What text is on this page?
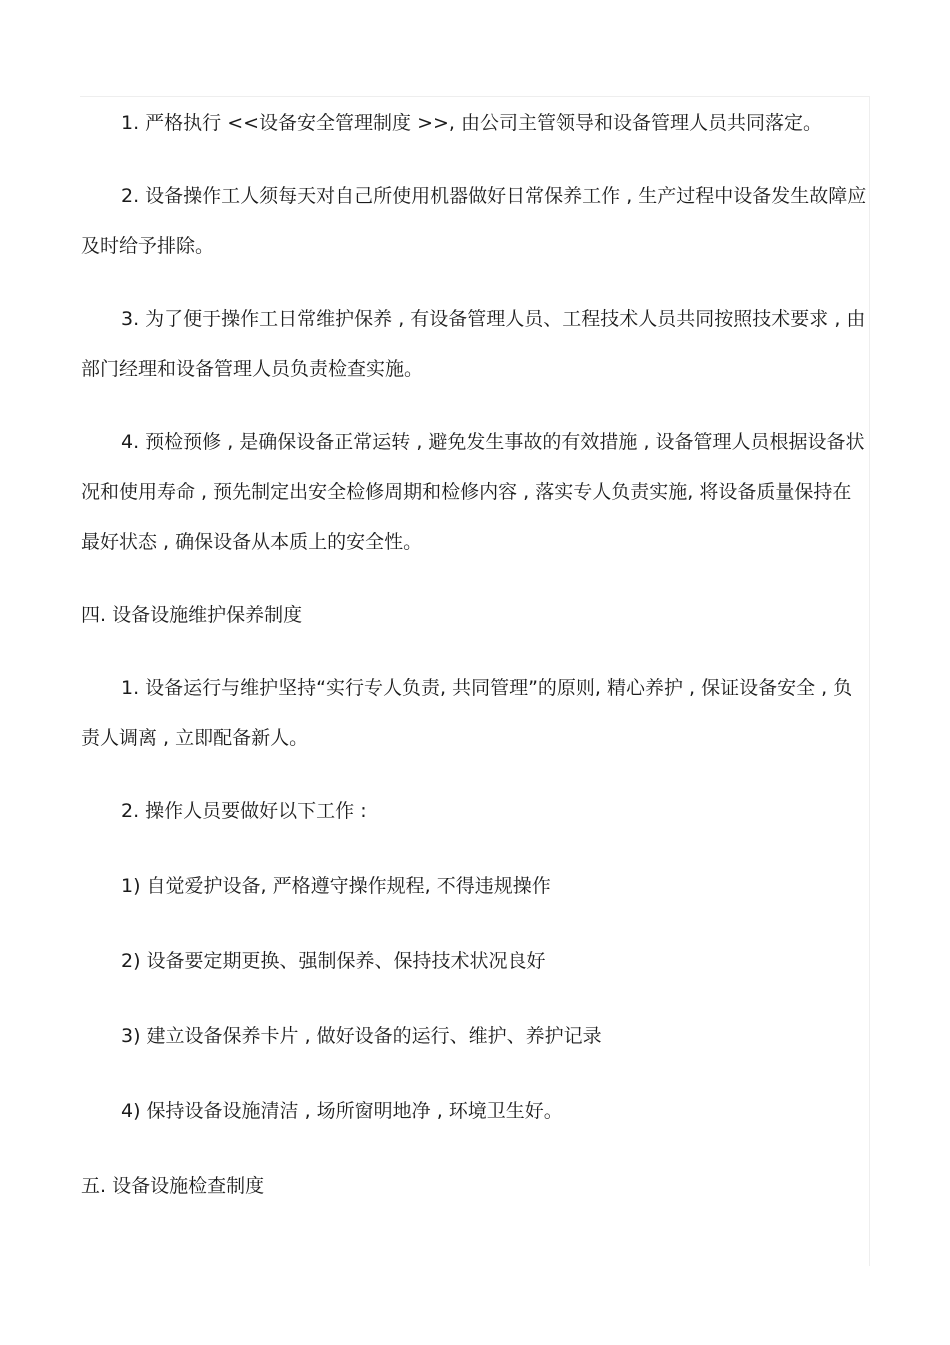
1. 严格执行 <<设备安全管理制度 >>, 由公司主管领导和设备管理人员共同落定。

2. 设备操作工人须每天对自己所使用机器做好日常保养工作 , 生产过程中设备发生故障应及时给予排除。

3. 为了便于操作工日常维护保养 , 有设备管理人员、工程技术人员共同按照技术要求 , 由部门经理和设备管理人员负责检查实施。

4. 预检预修 , 是确保设备正常运转 , 避免发生事故的有效措施 , 设备管理人员根据设备状况和使用寿命 , 预先制定出安全检修周期和检修内容 , 落实专人负责实施, 将设备质量保持在最好状态 , 确保设备从本质上的安全性。

四. 设备设施维护保养制度

1. 设备运行与维护坚持“实行专人负责, 共同管理”的原则, 精心养护 , 保证设备安全 , 负责人调离 , 立即配备新人。

2. 操作人员要做好以下工作 :

1) 自觉爱护设备, 严格遵守操作规程, 不得违规操作

2) 设备要定期更换、强制保养、保持技术状况良好

3) 建立设备保养卡片 , 做好设备的运行、维护、养护记录

4) 保持设备设施清洁 , 场所窗明地净 , 环境卫生好。

五. 设备设施检查制度
